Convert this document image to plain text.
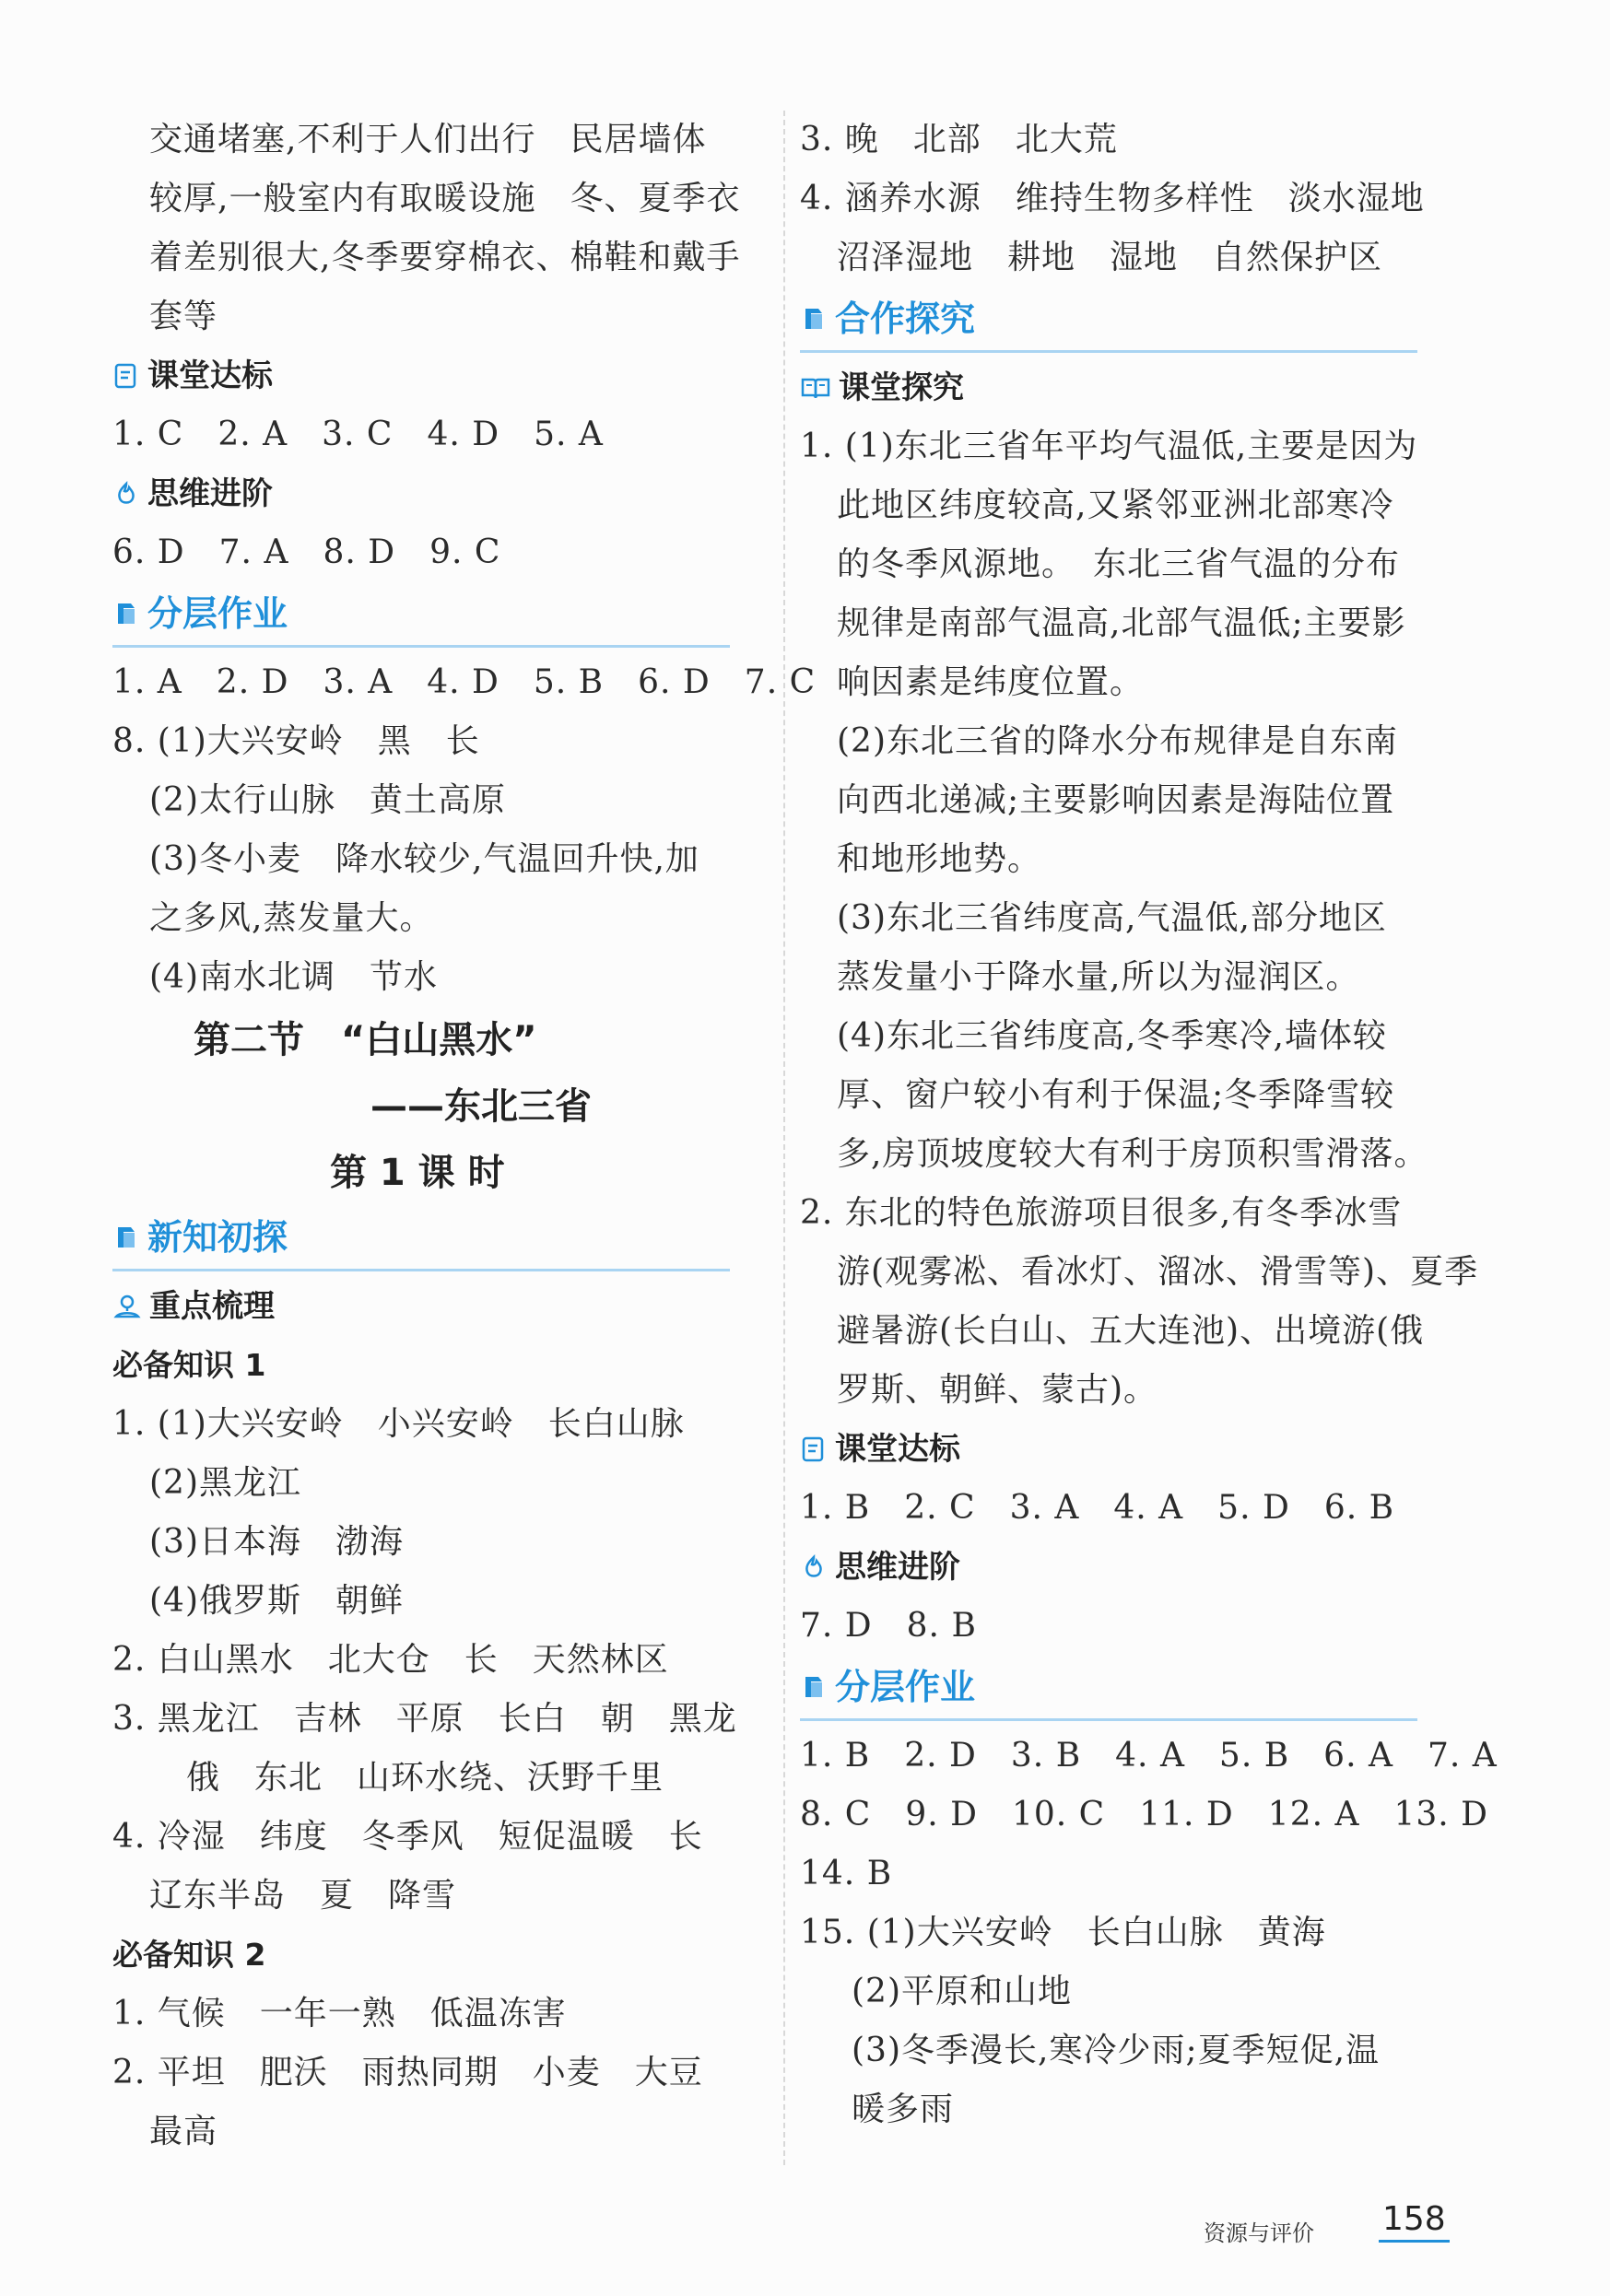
交通堵塞,不利于人们出行　民居墙体
较厚,一般室内有取暖设施　冬、夏季衣
着差别很大,冬季要穿棉衣、棉鞋和戴手
套等
课堂达标
1. C　2. A　3. C　4. D　5. A
思维进阶
6. D　7. A　8. D　9. C
分层作业
1. A　2. D　3. A　4. D　5. B　6. D　7. C
8. (1)大兴安岭　黑　长
(2)太行山脉　黄土高原
(3)冬小麦　降水较少,气温回升快,加
之多风,蒸发量大。
(4)南水北调　节水
第二节　“白山黑水”
——东北三省
第 1 课 时
新知初探
重点梳理
必备知识 1
1. (1)大兴安岭　小兴安岭　长白山脉
(2)黑龙江
(3)日本海　渤海
(4)俄罗斯　朝鲜
2. 白山黑水　北大仓　长　天然林区
3. 黑龙江　吉林　平原　长白　朝　黑龙
俄　东北　山环水绕、沃野千里
4. 冷湿　纬度　冬季风　短促温暖　长
辽东半岛　夏　降雪
必备知识 2
1. 气候　一年一熟　低温冻害
2. 平坦　肥沃　雨热同期　小麦　大豆
最高
3. 晚　北部　北大荒
4. 涵养水源　维持生物多样性　淡水湿地
沼泽湿地　耕地　湿地　自然保护区
合作探究
课堂探究
1. (1)东北三省年平均气温低,主要是因为
此地区纬度较高,又紧邻亚洲北部寒冷
的冬季风源地。　东北三省气温的分布
规律是南部气温高,北部气温低;主要影
响因素是纬度位置。
(2)东北三省的降水分布规律是自东南
向西北递减;主要影响因素是海陆位置
和地形地势。
(3)东北三省纬度高,气温低,部分地区
蒸发量小于降水量,所以为湿润区。
(4)东北三省纬度高,冬季寒冷,墙体较
厚、窗户较小有利于保温;冬季降雪较
多,房顶坡度较大有利于房顶积雪滑落。
2. 东北的特色旅游项目很多,有冬季冰雪
游(观雾凇、看冰灯、溜冰、滑雪等)、夏季
避暑游(长白山、五大连池)、出境游(俄
罗斯、朝鲜、蒙古)。
课堂达标
1. B　2. C　3. A　4. A　5. D　6. B
思维进阶
7. D　8. B
分层作业
1. B　2. D　3. B　4. A　5. B　6. A　7. A
8. C　9. D　10. C　11. D　12. A　13. D
14. B
15. (1)大兴安岭　长白山脉　黄海
(2)平原和山地
(3)冬季漫长,寒冷少雨;夏季短促,温
暖多雨
资源与评价 158
